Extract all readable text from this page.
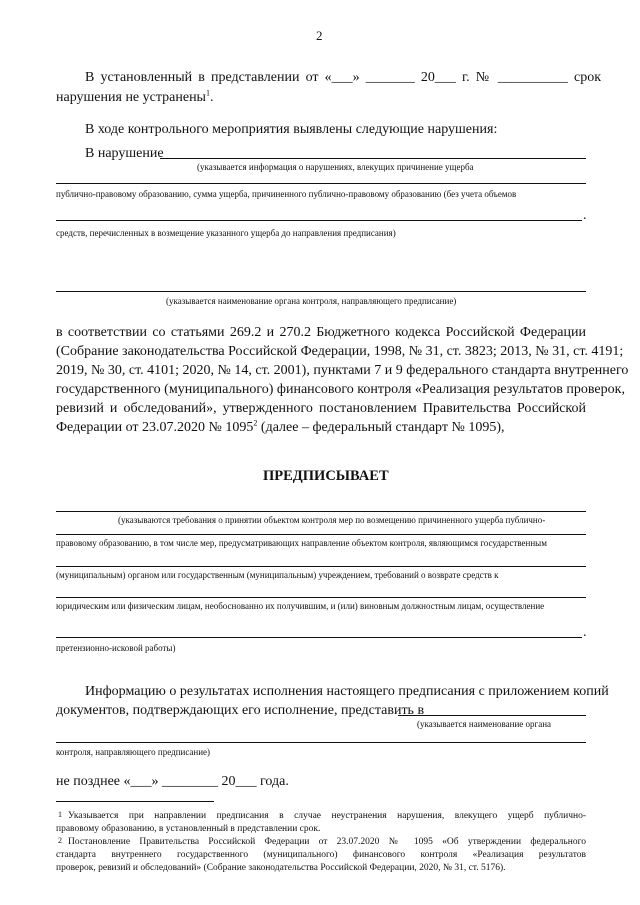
2
В установленный в представлении от «___» _______ 20___ г. № __________ срок
нарушения не устранены$^1$.
В ходе контрольного мероприятия выявлены следующие нарушения:
В нарушение
(указывается информация о нарушениях, влекущих причинение ущерба
публично-правовому образованию, сумма ущерба, причиненного публично-правовому образованию (без учета объемов
.
средств, перечисленных в возмещение указанного ущерба до направления предписания)
(указывается наименование органа контроля, направляющего предписание)
в соответствии со статьями 269.2 и 270.2 Бюджетного кодекса Российской Федерации
(Собрание законодательства Российской Федерации, 1998, № 31, ст. 3823; 2013, № 31, ст. 4191;
2019, № 30, ст. 4101; 2020, № 14, ст. 2001), пунктами 7 и 9 федерального стандарта внутреннего
государственного (муниципального) финансового контроля «Реализация результатов проверок,
ревизий и обследований», утвержденного постановлением Правительства Российской
Федерации от 23.07.2020 № 1095$^2$ (далее – федеральный стандарт № 1095),
ПРЕДПИСЫВАЕТ
(указываются требования о принятии объектом контроля мер по возмещению причиненного ущерба публично-
правовому образованию, в том числе мер, предусматривающих направление объектом контроля, являющимся государственным
(муниципальным) органом или государственным (муниципальным) учреждением, требований о возврате средств к
юридическим или физическим лицам, необоснованно их получившим, и (или) виновным должностным лицам, осуществление
.
претензионно-исковой работы)
Информацию о результатах исполнения настоящего предписания с приложением копий
документов, подтверждающих его исполнение, представить в
(указывается наименование органа
контроля, направляющего предписание)
не позднее «___» ________ 20___ года.
1 Указывается при направлении предписания в случае неустранения нарушения, влекущего ущерб публично-
правовому образованию, в установленный в представлении срок.
2 Постановление Правительства Российской Федерации от 23.07.2020 № 1095 «Об утверждении федерального
стандарта внутреннего государственного (муниципального) финансового контроля «Реализация результатов
проверок, ревизий и обследований» (Собрание законодательства Российской Федерации, 2020, № 31, ст. 5176).
